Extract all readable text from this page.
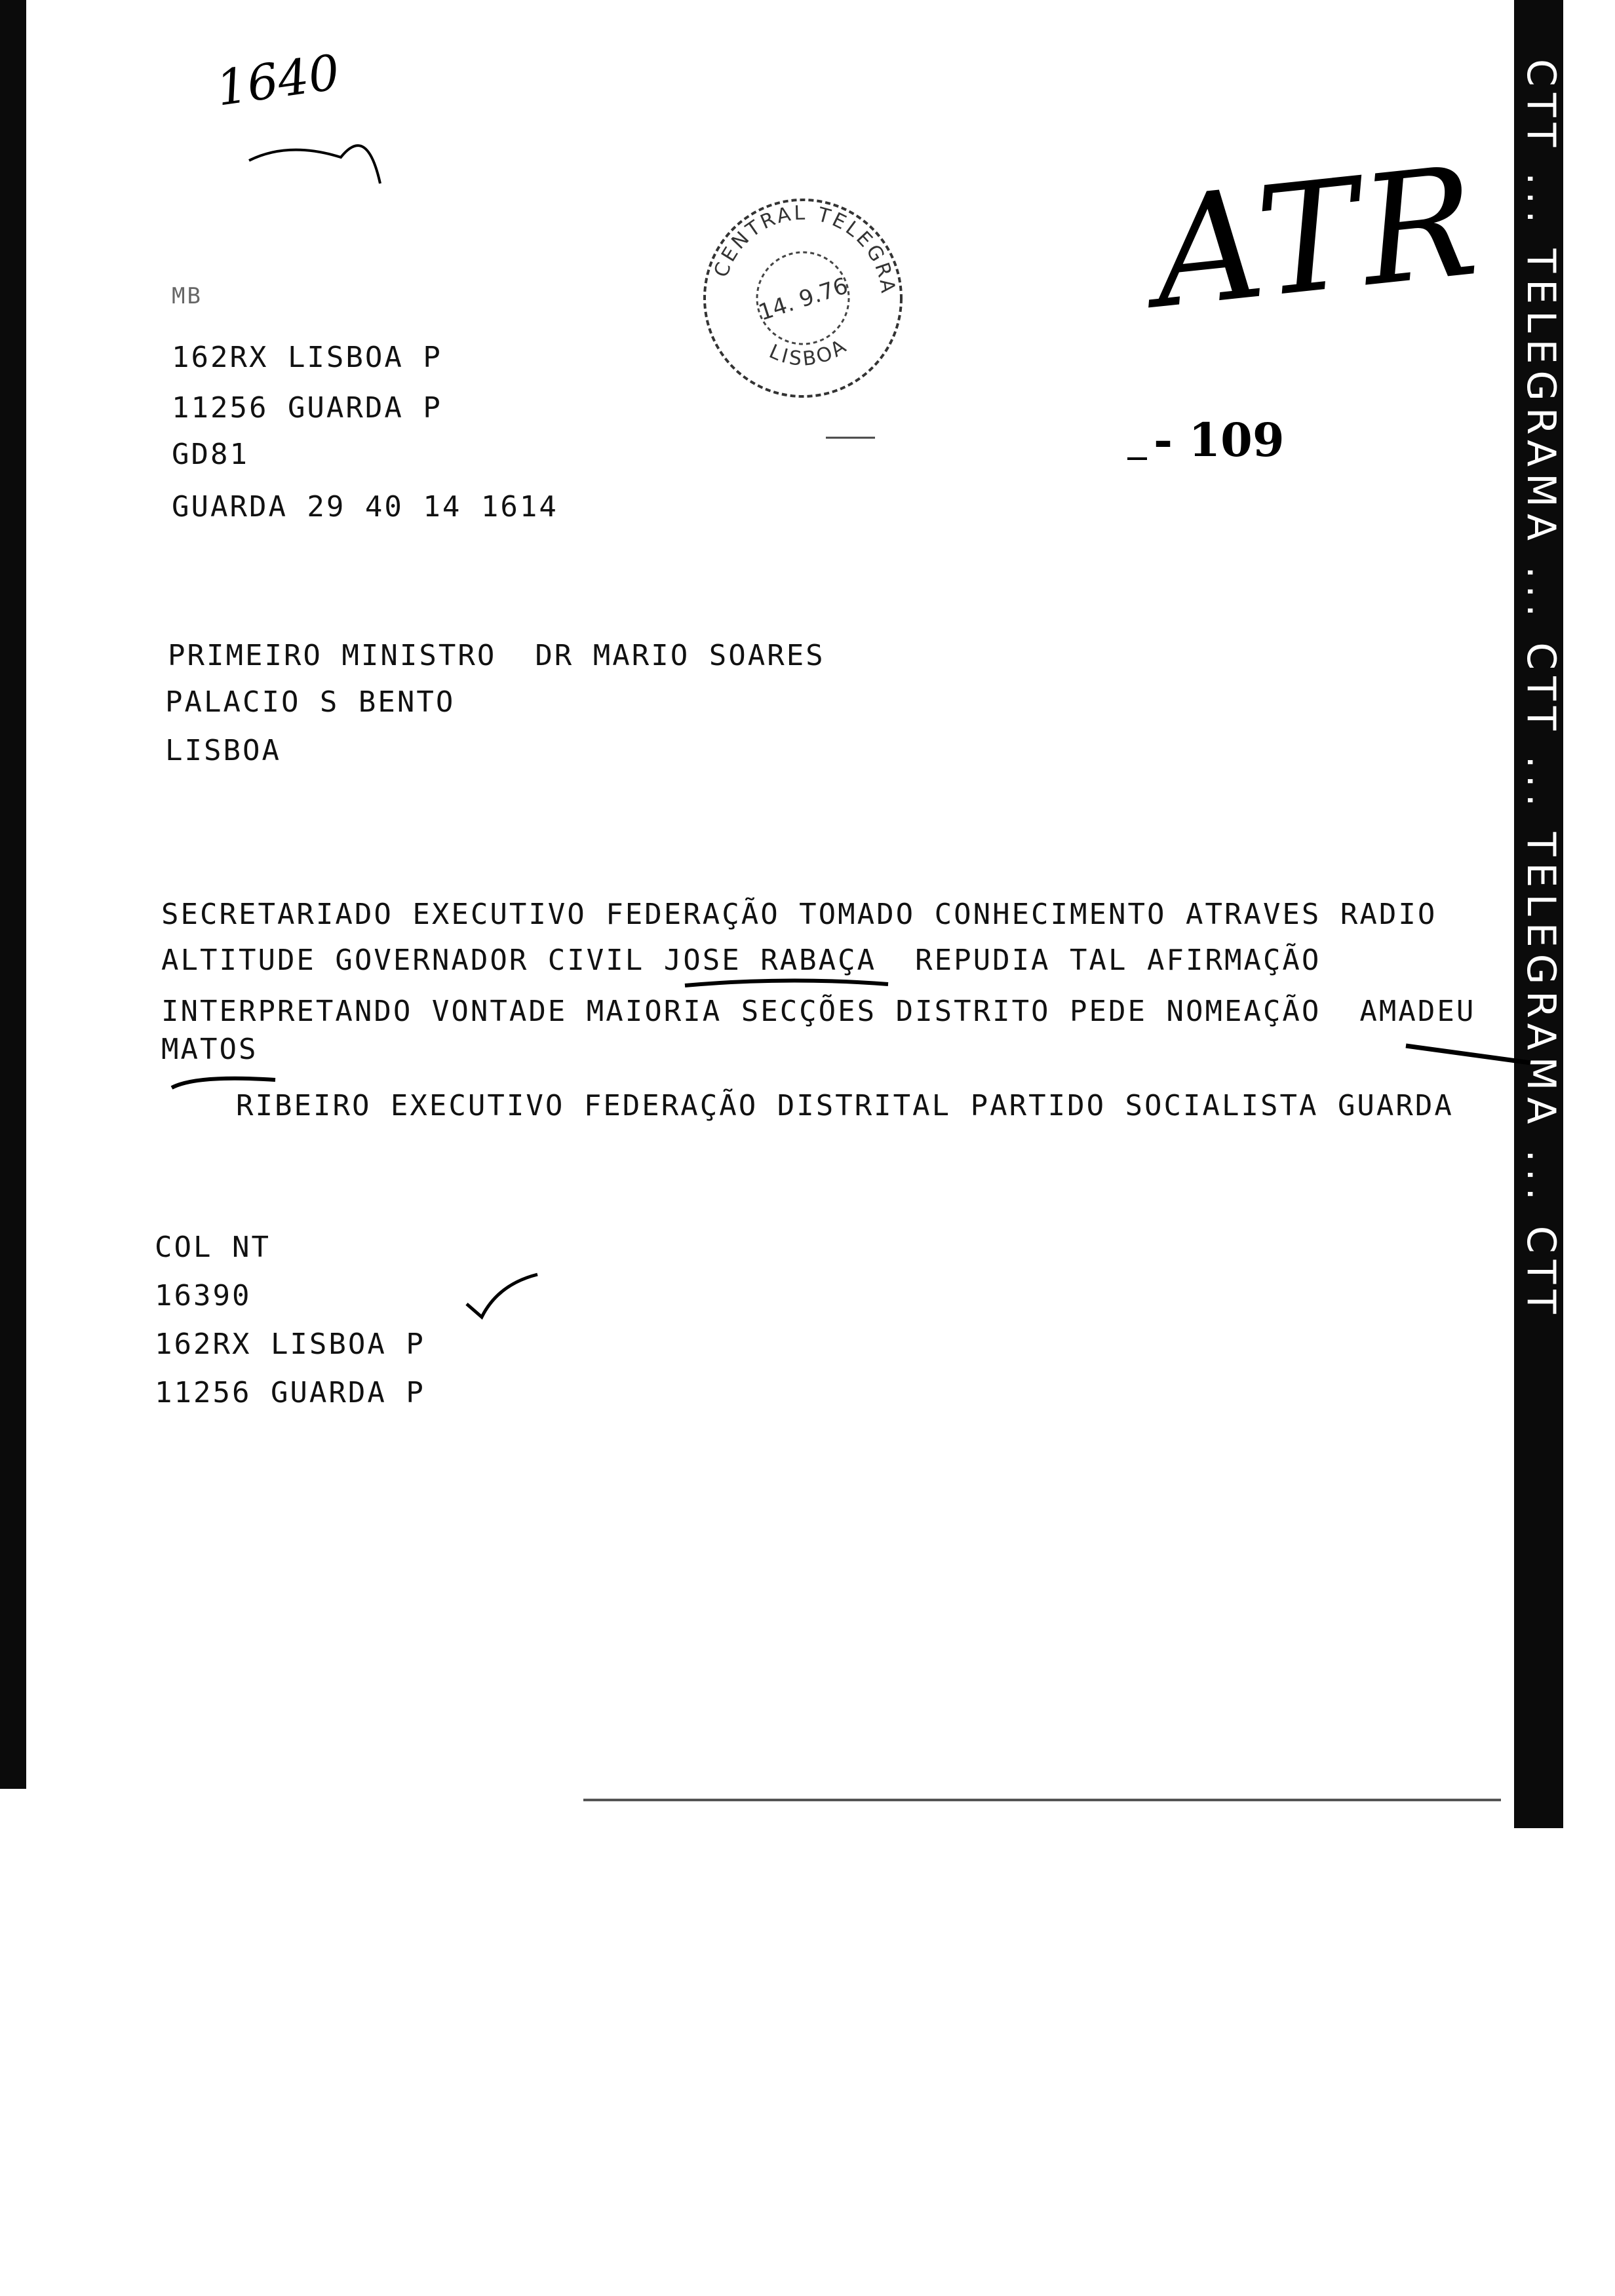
RAMA ... CTT ... TELEGRAMA ... CTT ... TELEGRAMA	CTT ... TELEGRAMA ... CTT ... TELEGRAMA ... CTT
1640
ATR
- 109
CENTRAL TELEGRA
14. 9.76
LISBOA
MB
162RX LISBOA P
11256 GUARDA P
GD81
GUARDA 29 40 14 1614
PRIMEIRO MINISTRO  DR MARIO SOARES
PALACIO S BENTO
LISBOA
SECRETARIADO EXECUTIVO FEDERAÇÃO TOMADO CONHECIMENTO ATRAVES RADIO
ALTITUDE GOVERNADOR CIVIL JOSE RABAÇA  REPUDIA TAL AFIRMAÇÃO
INTERPRETANDO VONTADE MAIORIA SECÇÕES DISTRITO PEDE NOMEAÇÃO  AMADEU
MATOS
RIBEIRO EXECUTIVO FEDERAÇÃO DISTRITAL PARTIDO SOCIALISTA GUARDA
COL NT
16390
162RX LISBOA P
11256 GUARDA P
